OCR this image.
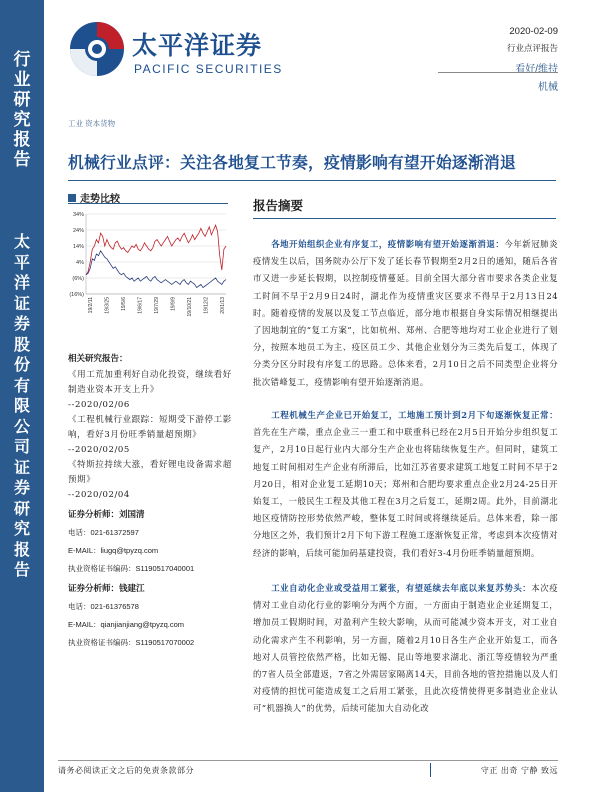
行
业
研
究
报
告
太
平
洋
证
券
股
份
有
限
公
司
证
券
研
究
报
告
太平洋证券
PACIFIC SECURITIES
2020-02-09
行业点评报告
看好/维持
机械
工业 资本货物
机械行业点评：关注各地复工节奏，疫情影响有望开始逐渐消退
走势比较
34%
24%
14%
4%
(6%)
(16%)
19/2/11 19/3/25 19/5/6 19/6/17 19/7/29 19/9/9 19/10/21 19/12/2 20/1/13
相关研究报告：
《用工荒加重利好自动化投资，继续看好制造业资本开支上升》
--2020/02/06
《工程机械行业跟踪：短期受下游停工影响，看好3月份旺季销量超预期》
--2020/02/05
《特斯拉持续大涨，看好锂电设备需求超预期》
--2020/02/04
证券分析师：刘国清
电话：021-61372597
E-MAIL：liugq@tpyzq.com
执业资格证书编码：S1190517040001
证券分析师：钱建江
电话：021-61376578
E-MAIL：qianjianjiang@tpyzq.com
执业资格证书编码：S1190517070002
报告摘要
各地开始组织企业有序复工，疫情影响有望开始逐渐消退：今年新冠肺炎疫情发生以后，国务院办公厅下发了延长春节假期至2月2日的通知，随后各省市又进一步延长假期，以控制疫情蔓延。目前全国大部分省市要求各类企业复工时间不早于2月9日24时，湖北作为疫情重灾区要求不得早于2月13日24时。随着疫情的发展以及复工节点临近，部分地市根据自身实际情况相继提出了因地制宜的“复工方案”，比如杭州、郑州、合肥等地均对工业企业进行了划分，按照本地员工为主、疫区员工少、其他企业划分为三类先后复工，体现了分类分区分时段有序复工的思路。总体来看，2月10日之后不同类型企业将分批次错峰复工，疫情影响有望开始逐渐消退。
工程机械生产企业已开始复工，工地施工预计到2月下旬逐渐恢复正常：首先在生产端，重点企业三一重工和中联重科已经在2月5日开始分步组织复工复产，2月10日起行业内大部分生产企业也将陆续恢复生产。但同时，建筑工地复工时间相对生产企业有所滞后，比如江苏省要求建筑工地复工时间不早于2月20日，相对企业复工延期10天；郑州和合肥均要求重点企业2月24-25日开始复工，一般民生工程及其他工程在3月之后复工，延期2周。此外，目前湖北地区疫情防控形势依然严峻，整体复工时间或将继续延后。总体来看，除一部分地区之外，我们预计2月下旬下游工程施工逐渐恢复正常，考虑到本次疫情对经济的影响，后续可能加码基建投资，我们看好3-4月份旺季销量超预期。
工业自动化企业或受益用工紧张，有望延续去年底以来复苏势头：本次疫情对工业自动化行业的影响分为两个方面，一方面由于制造业企业延期复工，增加员工假期时间，对盈利产生较大影响，从而可能减少资本开支，对工业自动化需求产生不利影响，另一方面，随着2月10日各生产企业开始复工，而各地对人员管控依然严格，比如无锡、昆山等地要求湖北、浙江等疫情较为严重的7省人员全部遣返，7省之外需居家隔离14天，目前各地的管控措施以及人们对疫情的担忧可能造成复工之后用工紧张，且此次疫情使得更多制造业企业认可“机器换人”的优势，后续可能加大自动化改
请务必阅读正文之后的免责条款部分	守正 出奇 宁静 致远
